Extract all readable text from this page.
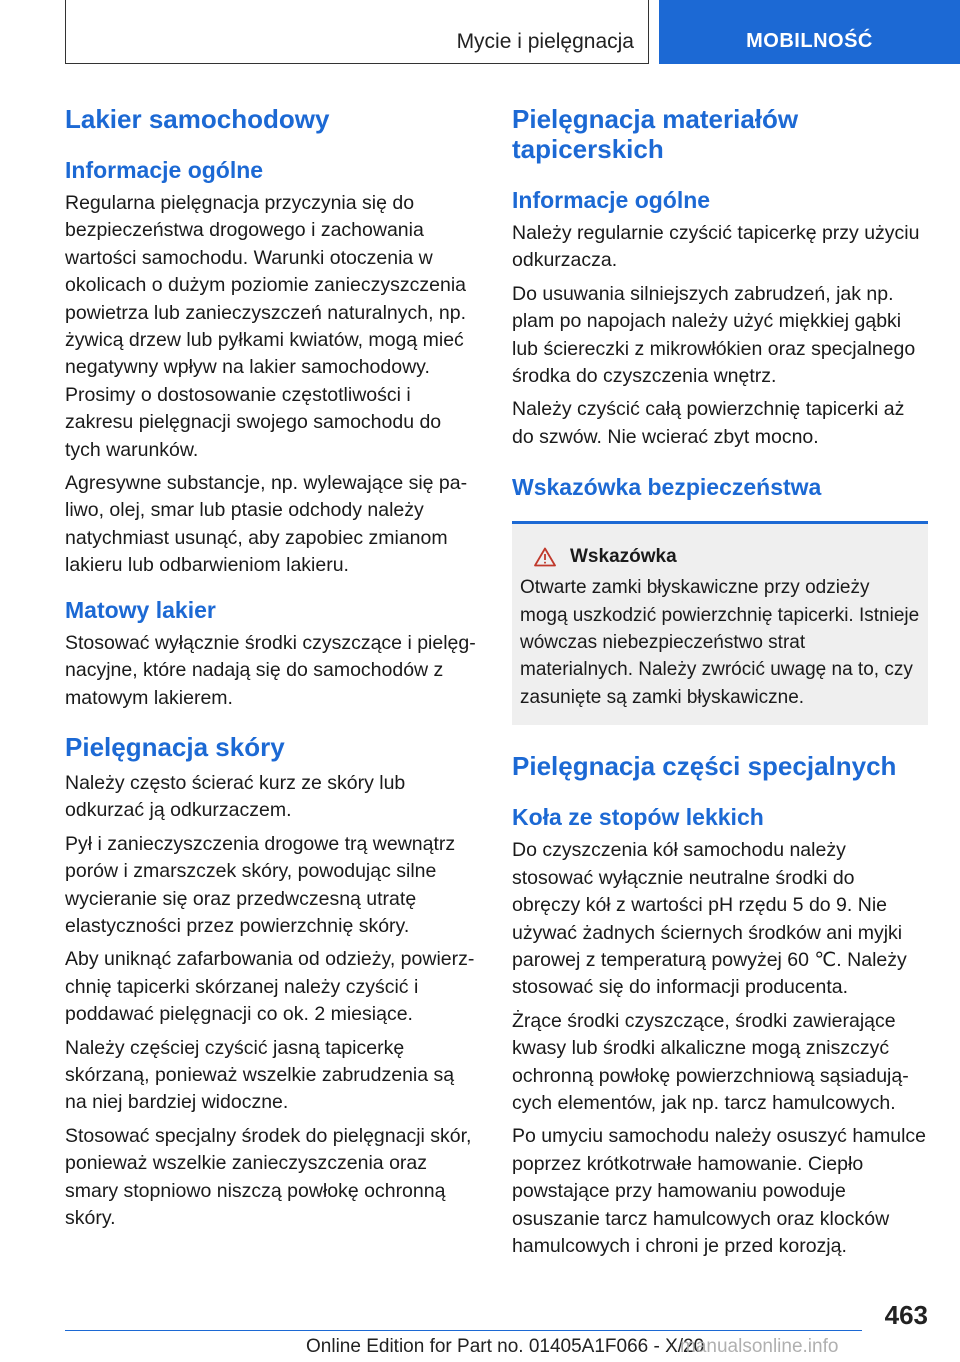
Mycie i pielęgnacja	MOBILNOŚĆ
Lakier samochodowy
Informacje ogólne

Regularna pielęgnacja przyczynia się do bezpieczeństwa drogowego i zachowania wartości samochodu. Warunki otoczenia w okolicach o dużym poziomie zanieczyszczenia powietrza lub zanieczyszczeń naturalnych, np. żywicą drzew lub pyłkami kwiatów, mogą mieć negatywny wpływ na lakier samochodowy. Prosimy o dostosowanie częstotliwości i zakresu pielęgnacji swojego samochodu do tych warunków.

Agresywne substancje, np. wylewające się paliwo, olej, smar lub ptasie odchody należy natychmiast usunąć, aby zapobiec zmianom lakieru lub odbarwieniom lakieru.

Matowy lakier

Stosować wyłącznie środki czyszczące i pielęgnacyjne, które nadają się do samochodów z matowym lakierem.

Pielęgnacja skóry

Należy często ścierać kurz ze skóry lub odkurzać ją odkurzaczem.

Pył i zanieczyszczenia drogowe trą wewnątrz porów i zmarszczek skóry, powodując silne wycieranie się oraz przedwczesną utratę elastyczności przez powierzchnię skóry.

Aby uniknąć zafarbowania od odzieży, powierzchnię tapicerki skórzanej należy czyścić i poddawać pielęgnacji co ok. 2 miesiące.

Należy częściej czyścić jasną tapicerkę skórzaną, ponieważ wszelkie zabrudzenia są na niej bardziej widoczne.

Stosować specjalny środek do pielęgnacji skór, ponieważ wszelkie zanieczyszczenia oraz smary stopniowo niszczą powłokę ochronną skóry.

Pielęgnacja materiałów tapicerskich
Informacje ogólne

Należy regularnie czyścić tapicerkę przy użyciu odkurzacza.

Do usuwania silniejszych zabrudzeń, jak np. plam po napojach należy użyć miękkiej gąbki lub ściereczki z mikrowłókien oraz specjalnego środka do czyszczenia wnętrz.

Należy czyścić całą powierzchnię tapicerki aż do szwów. Nie wcierać zbyt mocno.

Wskazówka bezpieczeństwa
Wskazówka

Otwarte zamki błyskawiczne przy odzieży mogą uszkodzić powierzchnię tapicerki. Istnieje wówczas niebezpieczeństwo strat materialnych. Należy zwrócić uwagę na to, czy zasunięte są zamki błyskawiczne.

Pielęgnacja części specjalnych
Koła ze stopów lekkich

Do czyszczenia kół samochodu należy stosować wyłącznie neutralne środki do obręczy kół z wartości pH rzędu 5 do 9. Nie używać żadnych ściernych środków ani myjki parowej z temperaturą powyżej 60 ℃. Należy stosować się do informacji producenta.

Żrące środki czyszczące, środki zawierające kwasy lub środki alkaliczne mogą zniszczyć ochronną powłokę powierzchniową sąsiadujących elementów, jak np. tarcz hamulcowych.

Po umyciu samochodu należy osuszyć hamulce poprzez krótkotrwałe hamowanie. Ciepło powstające przy hamowaniu powoduje osuszanie tarcz hamulcowych oraz klocków hamulcowych i chroni je przed korozją.

463
Online Edition for Part no. 01405A1F066 - X/20
manualsonline.info
